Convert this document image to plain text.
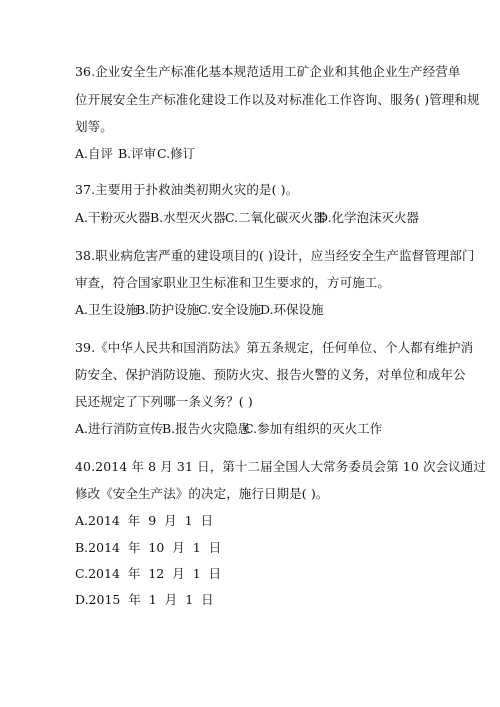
36.企业安全生产标准化基本规范适用工矿企业和其他企业生产经营单
位开展安全生产标准化建设工作以及对标准化工作咨询、服务( )管理和规
划等。
A.自评 B.评审 C.修订
37.主要用于扑救油类初期火灾的是( )。
A.干粉灭火器 B.水型灭火器 C.二氧化碳灭火器
D.化学泡沫灭火器
38.职业病危害严重的建设项目的( )设计，应当经安全生产监督管理部门
审查，符合国家职业卫生标准和卫生要求的，方可施工。
A.卫生设施
B.防护设施
C.安全设施
D.环保设施
39.《中华人民共和国消防法》第五条规定，任何单位、个人都有维护消
防安全、保护消防设施、预防火灾、报告火警的义务，对单位和成年公
民还规定了下列哪一条义务？( )
A.进行消防宣传
B.报告火灾隐患
C.参加有组织的灭火工作
40.2014 年 8 月 31 日，第十二届全国人大常务委员会第 10 次会议通过
修改《安全生产法》的决定，施行日期是( )。
A.2014 年 9 月 1 日
B.2014 年 10 月 1 日
C.2014 年 12 月 1 日
D.2015 年 1 月 1 日
